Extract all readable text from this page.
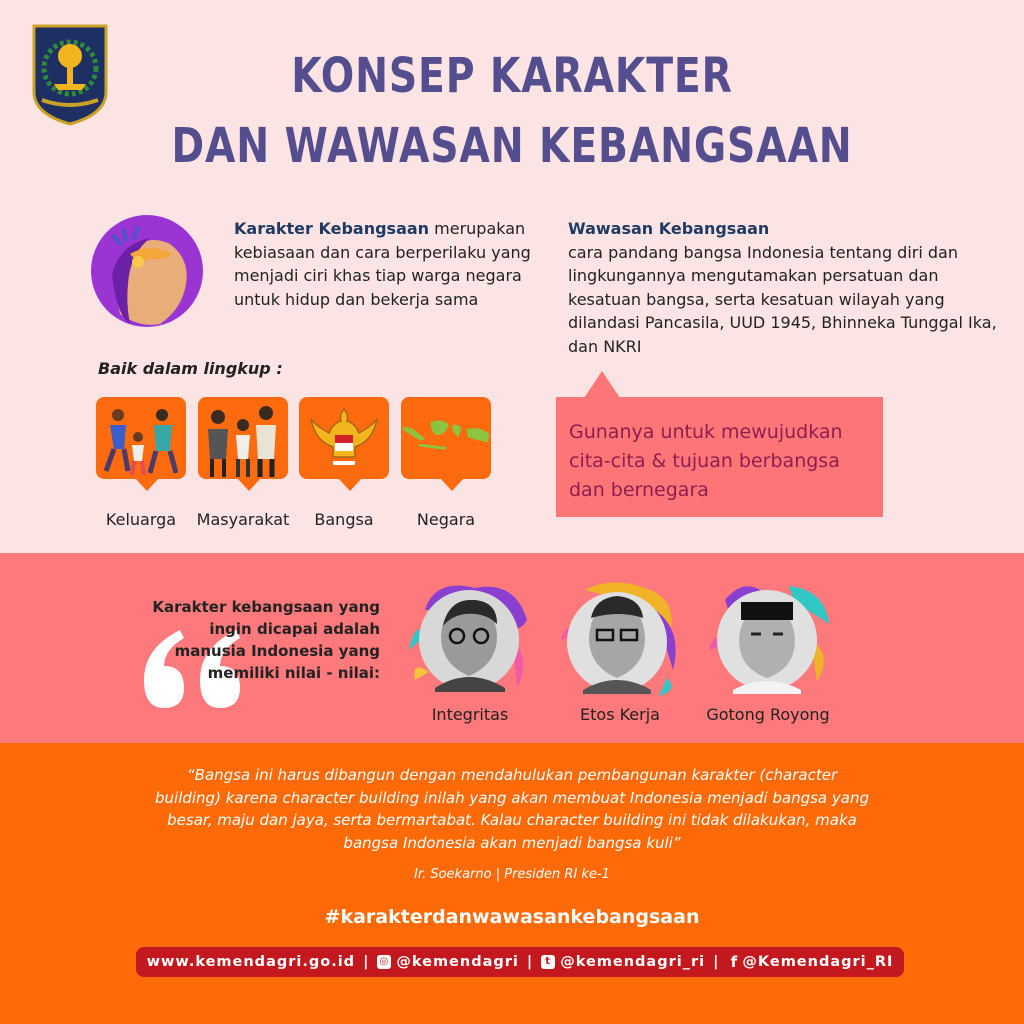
KONSEP KARAKTER
DAN WAWASAN KEBANGSAAN
Karakter Kebangsaan merupakan kebiasaan dan cara berperilaku yang menjadi ciri khas tiap warga negara untuk hidup dan bekerja sama
Wawasan Kebangsaan
cara pandang bangsa Indonesia tentang diri dan lingkungannya mengutamakan persatuan dan kesatuan bangsa, serta kesatuan wilayah yang dilandasi Pancasila, UUD 1945, Bhinneka Tunggal Ika, dan NKRI
Baik dalam lingkup :
Keluarga	Masyarakat	Bangsa	Negara
Gunanya untuk mewujudkan cita-cita & tujuan berbangsa dan bernegara
Karakter kebangsaan yang ingin dicapai adalah manusia Indonesia yang memiliki nilai - nilai:
Integritas	Etos Kerja	Gotong Royong
“Bangsa ini harus dibangun dengan mendahulukan pembangunan karakter (character building) karena character building inilah yang akan membuat Indonesia menjadi bangsa yang besar, maju dan jaya, serta bermartabat. Kalau character building ini tidak dilakukan, maka bangsa Indonesia akan menjadi bangsa kuli”
Ir. Soekarno | Presiden RI ke-1
#karakterdanwawasankebangsaan
www.kemendagri.go.id | ◎ @kemendagri |	t @kemendagri_ri | f @Kemendagri_RI
